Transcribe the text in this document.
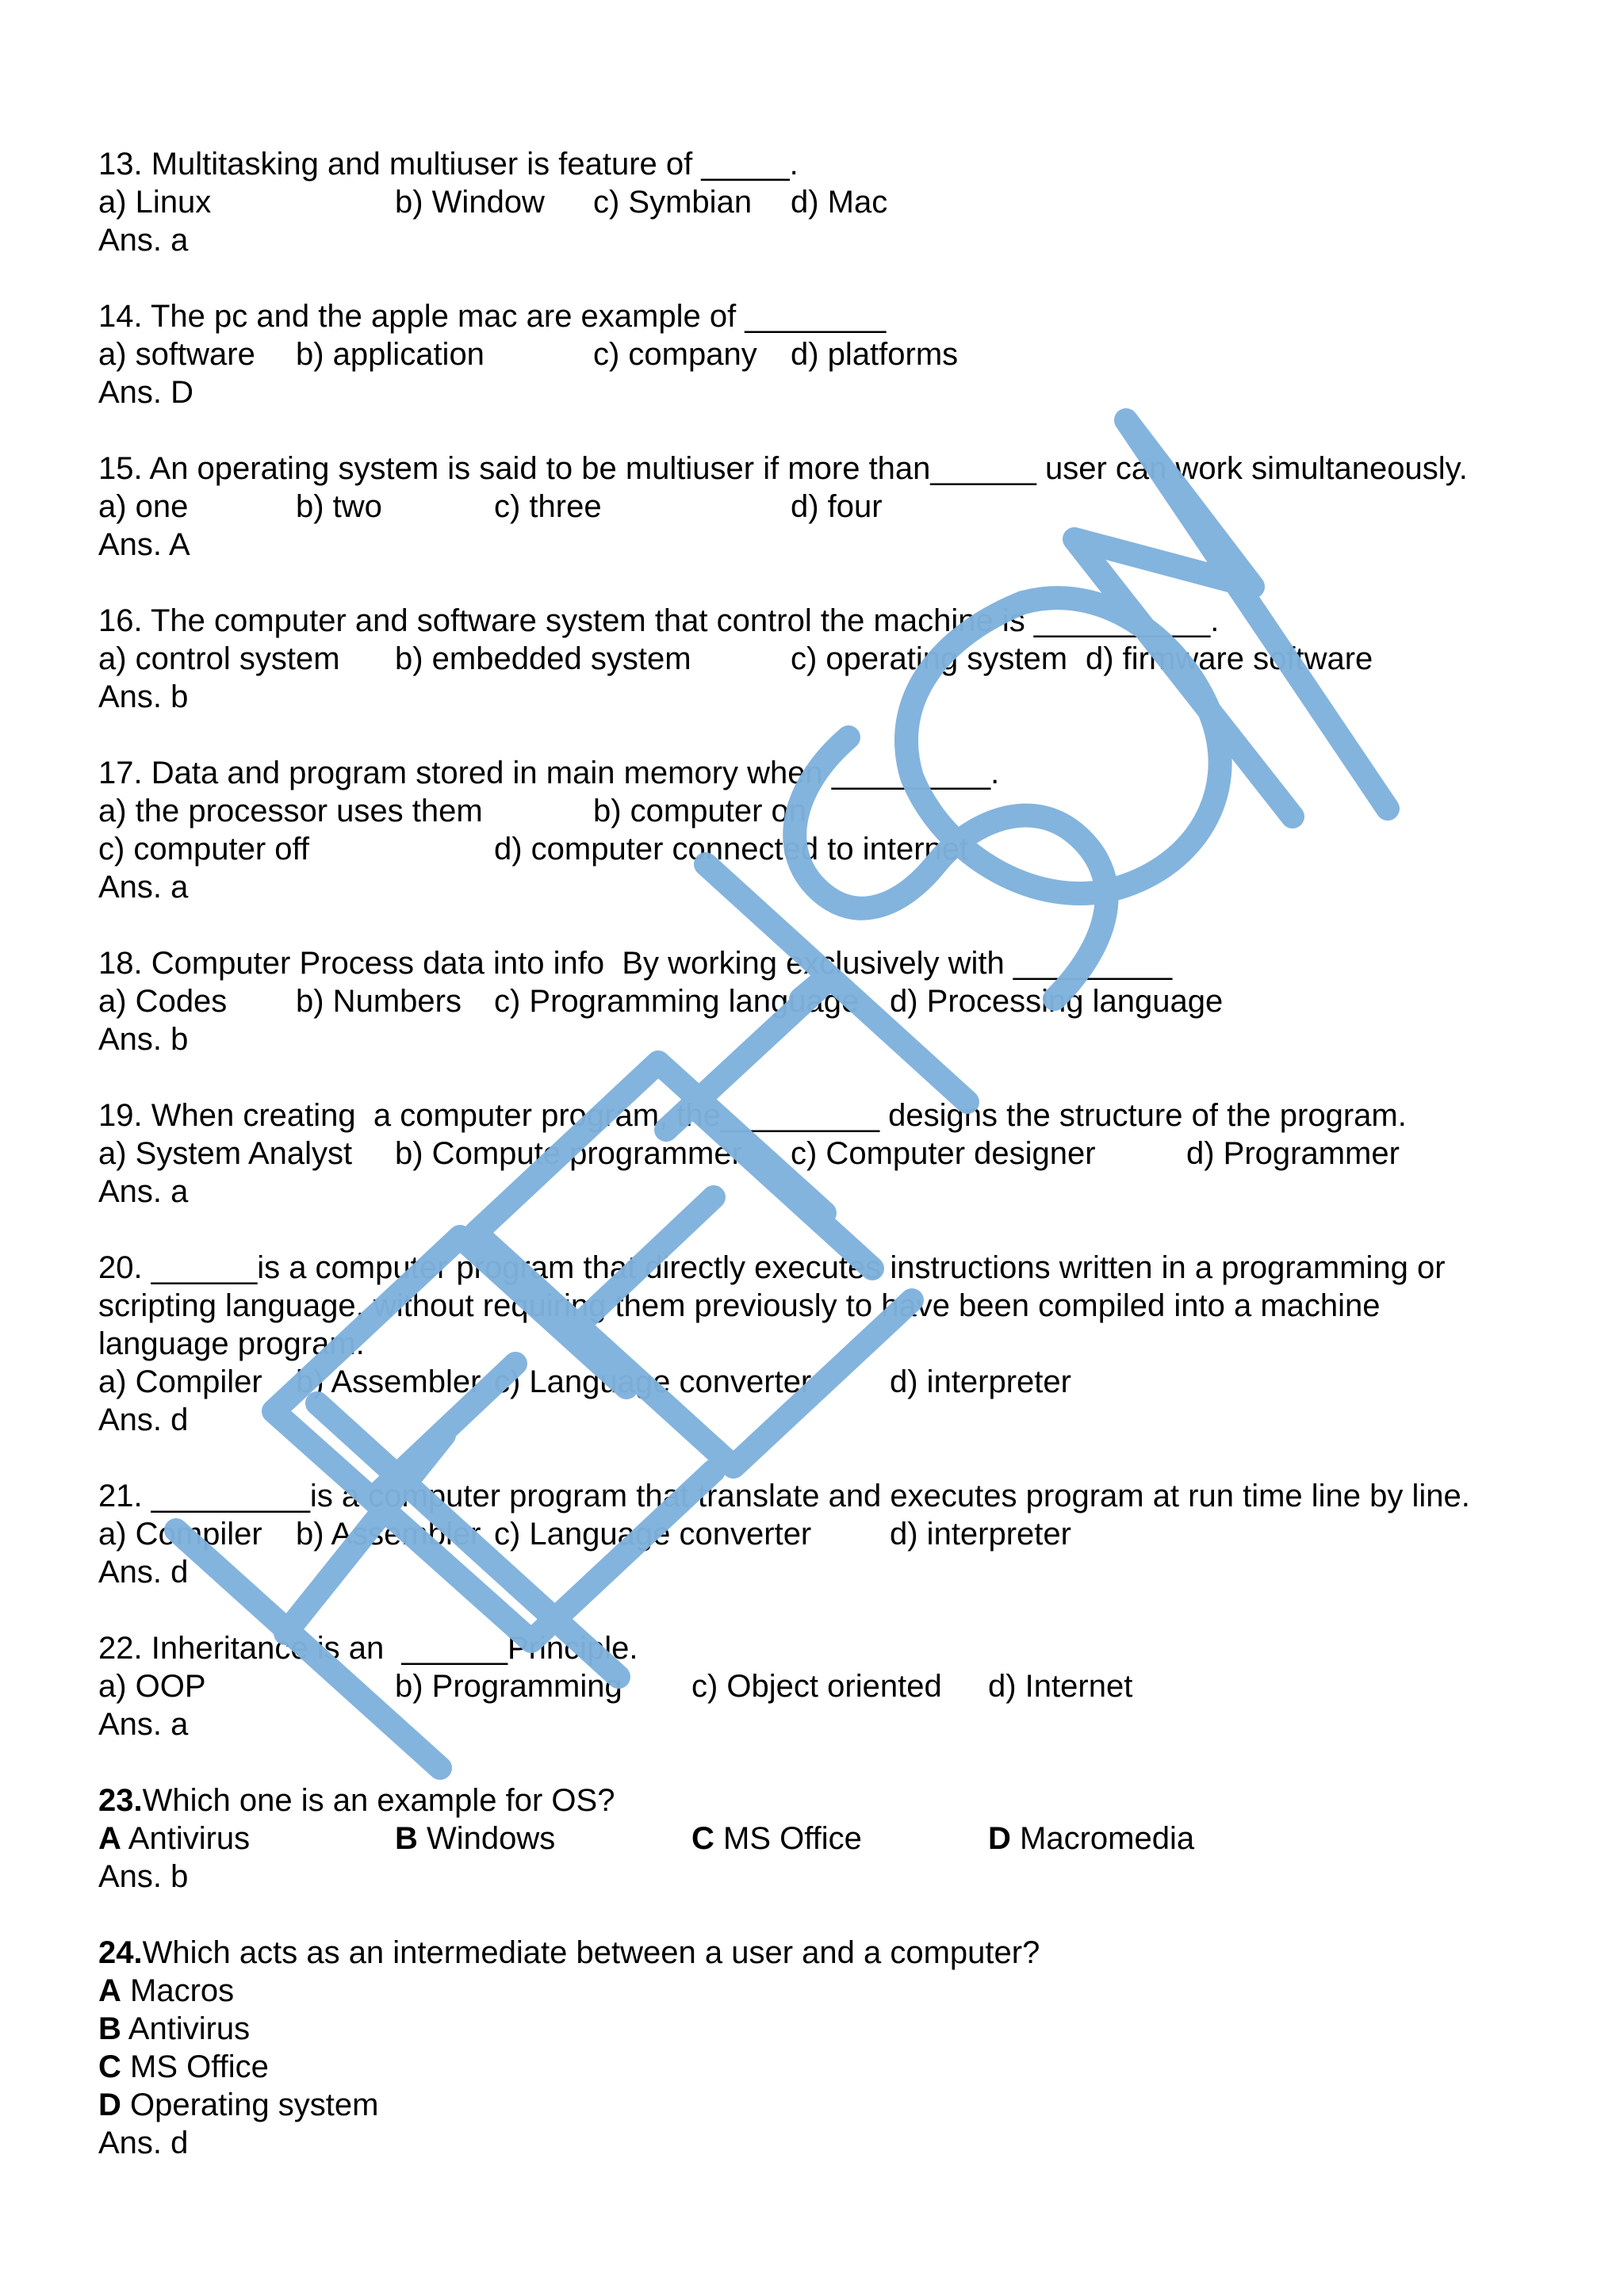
13. Multitasking and multiuser is feature of _____.
a) Linux	b) Window c) Symbian d) Mac
Ans. a
14. The pc and the apple mac are example of ________
a) software b) application	c) company d) platforms
Ans. D
15. An operating system is said to be multiuser if more than______ user can work simultaneously.
a) one	b) two	c) three	d) four
Ans. A
16. The computer and software system that control the machine is __________.
a) control system b) embedded system	c) operating system d) firmware software
Ans. b
17. Data and program stored in main memory when _________.
a) the processor uses them	b) computer on
c) computer off	d) computer connected to internet
Ans. a
18. Computer Process data into info  By working exclusively with _________
a) Codes b) Numbers c) Programming language d) Processing language
Ans. b
19. When creating  a computer program, the_________ designs the structure of the program.
a) System Analyst b) Compute programmer c) Computer designer	d) Programmer
Ans. a
20. ______is a computer program that directly executes instructions written in a programming or
scripting language, without requiring them previously to have been compiled into a machine
language program.
a) Compiler b) Assembler c) Language converter d) interpreter
Ans. d
21. _________is a computer program that translate and executes program at run time line by line.
a) Compiler b) Assembler c) Language converter d) interpreter
Ans. d
22. Inheritance is an  ______Principle.
a) OOP	b) Programming c) Object oriented d) Internet
Ans. a
23.Which one is an example for OS?
A Antivirus	B Windows	C MS Office	D Macromedia
Ans. b
24.Which acts as an intermediate between a user and a computer?
A Macros
B Antivirus
C MS Office
D Operating system
Ans. d
